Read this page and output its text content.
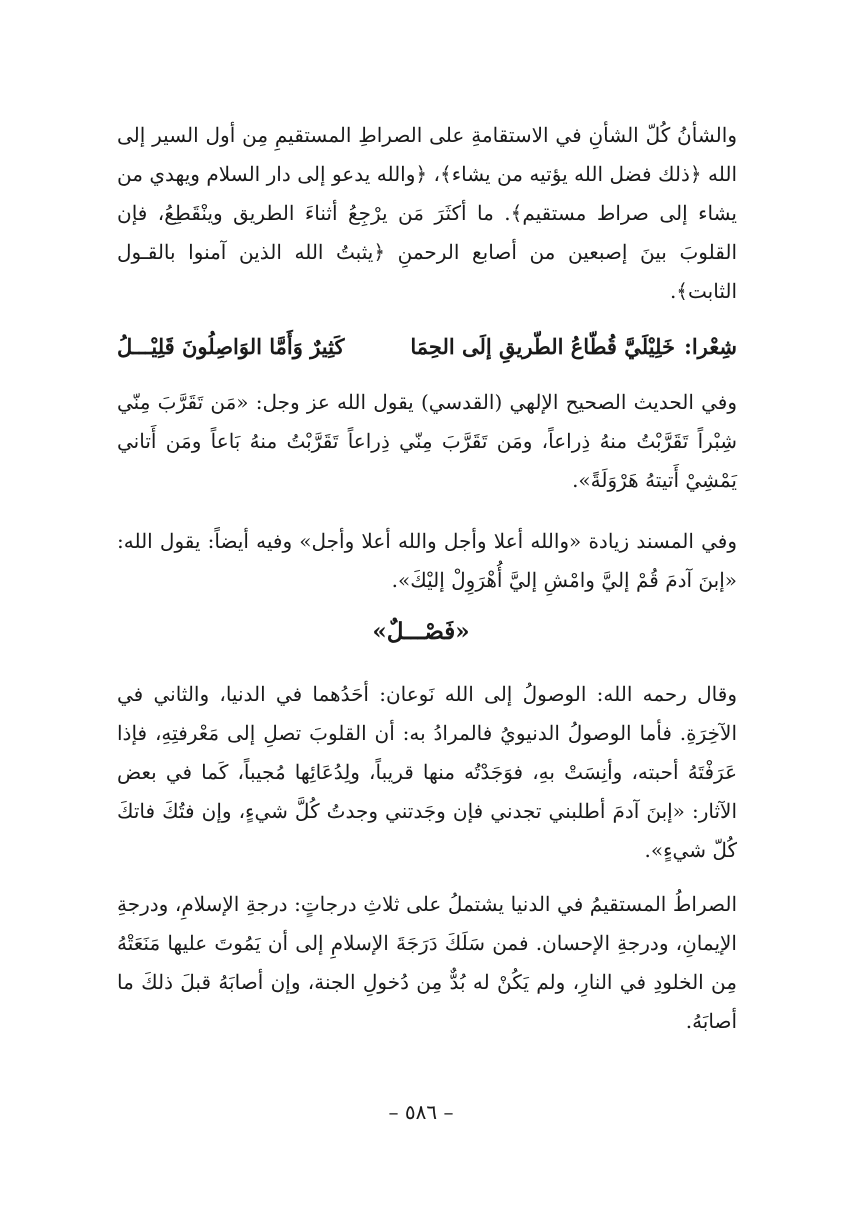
والشأنُ كُلّ الشأنِ في الاستقامةِ على الصراطِ المستقيمِ مِن أول السير إلى الله ﴿ذلك فضل الله يؤتيه من يشاء﴾، ﴿والله يدعو إلى دار السلام ويهدي من يشاء إلى صراط مستقيم﴾. ما أكثَرَ مَن يرْجِعُ أثناءَ الطريق وينْقَطِعُ، فإن القلوبَ بينَ إصبعين من أصابع الرحمنِ ﴿يثبتُ الله الذين آمنوا بالقـول الثابت﴾.

شِعْرا:
خَلِيْلَيَّ قُطّاعُ الطّريقِ إلَى الحِمَا
كَثِيرٌ وَأَمَّا الوَاصِلُونَ قَلِيْـــلُ

وفي الحديث الصحيح الإلهي (القدسي) يقول الله عز وجل: «مَن تَقَرَّبَ مِنّي شِبْراً تَقَرَّبْتُ منهُ ذِراعاً، ومَن تَقَرَّبَ مِنّي ذِراعاً تَقَرَّبْتُ منهُ بَاعاً ومَن أَتاني يَمْشِيْ أَتيتهُ هَرْوَلَةً».

وفي المسند زيادة «والله أعلا وأجل والله أعلا وأجل» وفيه أيضاً: يقول الله: «إبنَ آدمَ قُمْ إليَّ وامْشِ إليَّ أُهْرَوِلْ إليْكَ».

«فَصْـــلٌ»

وقال رحمه الله: الوصولُ إلى الله نَوعان: أحَدُهما في الدنيا، والثاني في الآخِرَةِ. فأما الوصولُ الدنيويُ فالمرادُ به: أن القلوبَ تصلِ إلى مَعْرفتِهِ، فإذا عَرَفْتَهُ أحبته، وأنِسَتْ بهِ، فوَجَدْتُه منها قريباً، ولِدُعَائِها مُجيباً، كَما في بعض الآثار: «إبنَ آدمَ أطلبني تجدني فإن وجَدتني وجدتُ كُلَّ شيءٍ، وإن فتُكَ فاتكَ كُلّ شيءٍ».

الصراطُ المستقيمُ في الدنيا يشتملُ على ثلاثِ درجاتٍ: درجةِ الإسلامِ، ودرجةِ الإيمانِ، ودرجةِ الإحسان. فمن سَلَكَ دَرَجَةَ الإسلامِ إلى أن يَمُوتَ عليها مَنَعَتْهُ مِن الخلودِ في النارِ، ولم يَكُنْ له بُدٌّ مِن دُخولِ الجنة، وإن أصابَهُ قبلَ ذلكَ ما أصابَهُ.

– ٥٨٦ –
